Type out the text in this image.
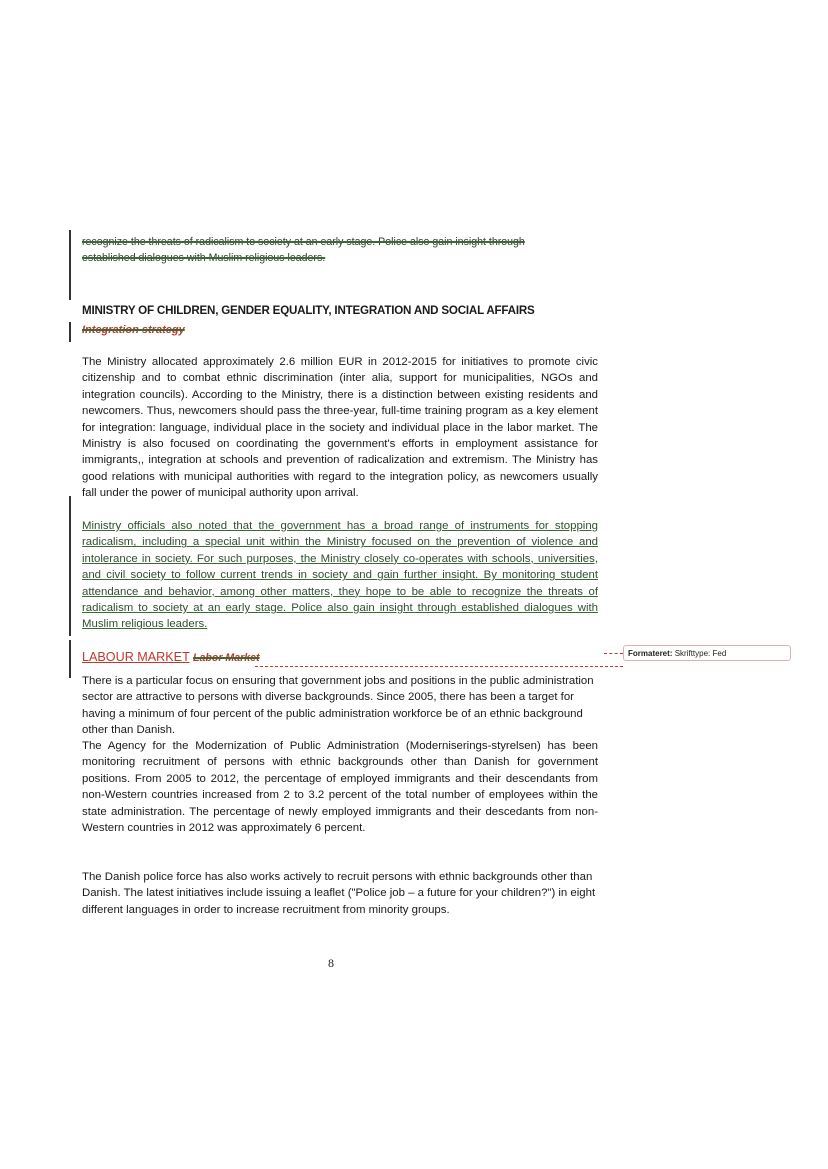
recognize the threats of radicalism to society at an early stage. Police also gain insight through
established dialogues with Muslim religious leaders.
MINISTRY OF CHILDREN, GENDER EQUALITY, INTEGRATION AND SOCIAL AFFAIRS
Integration strategy

The Ministry allocated approximately 2.6 million EUR in 2012-2015 for initiatives to promote civic citizenship and to combat ethnic discrimination (inter alia, support for municipalities, NGOs and integration councils). According to the Ministry, there is a distinction between existing residents and newcomers. Thus, newcomers should pass the three-year, full-time training program as a key element for integration: language, individual place in the society and individual place in the labor market. The Ministry is also focused on coordinating the government's efforts in employment assistance for immigrants,, integration at schools and prevention of radicalization and extremism. The Ministry has good relations with municipal authorities with regard to the integration policy, as newcomers usually fall under the power of municipal authority upon arrival.

Ministry officials also noted that the government has a broad range of instruments for stopping radicalism, including a special unit within the Ministry focused on the prevention of violence and intolerance in society. For such purposes, the Ministry closely co-operates with schools, universities, and civil society to follow current trends in society and gain further insight. By monitoring student attendance and behavior, among other matters, they hope to be able to recognize the threats of radicalism to society at an early stage. Police also gain insight through established dialogues with Muslim religious leaders.

LABOUR MARKET Labor Market	Formateret: Skrifttype: Fed

There is a particular focus on ensuring that government jobs and positions in the public administration sector are attractive to persons with diverse backgrounds. Since 2005, there has been a target for having a minimum of four percent of the public administration workforce be of an ethnic background other than Danish.

The Agency for the Modernization of Public Administration (Moderniserings-styrelsen) has been monitoring recruitment of persons with ethnic backgrounds other than Danish for government positions. From 2005 to 2012, the percentage of employed immigrants and their descendants from non-Western countries increased from 2 to 3.2 percent of the total number of employees within the state administration. The percentage of newly employed immigrants and their descedants from non-Western countries in 2012 was approximately 6 percent.

The Danish police force has also works actively to recruit persons with ethnic backgrounds other than Danish. The latest initiatives include issuing a leaflet ("Police job – a future for your children?") in eight different languages in order to increase recruitment from minority groups.

8
